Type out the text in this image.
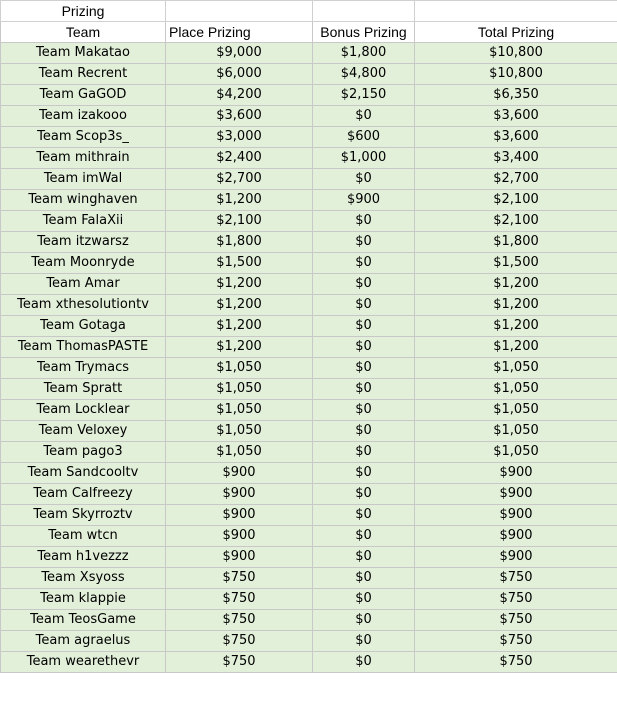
Prizing			
Team	Place Prizing	Bonus Prizing	Total Prizing
Team Makatao	$9,000	$1,800	$10,800
Team Recrent	$6,000	$4,800	$10,800
Team GaGOD	$4,200	$2,150	$6,350
Team izakooo	$3,600	$0	$3,600
Team Scop3s_	$3,000	$600	$3,600
Team mithrain	$2,400	$1,000	$3,400
Team imWal	$2,700	$0	$2,700
Team winghaven	$1,200	$900	$2,100
Team FalaXii	$2,100	$0	$2,100
Team itzwarsz	$1,800	$0	$1,800
Team Moonryde	$1,500	$0	$1,500
Team Amar	$1,200	$0	$1,200
Team xthesolutiontv	$1,200	$0	$1,200
Team Gotaga	$1,200	$0	$1,200
Team ThomasPASTE	$1,200	$0	$1,200
Team Trymacs	$1,050	$0	$1,050
Team Spratt	$1,050	$0	$1,050
Team Locklear	$1,050	$0	$1,050
Team Veloxey	$1,050	$0	$1,050
Team pago3	$1,050	$0	$1,050
Team Sandcooltv	$900	$0	$900
Team Calfreezy	$900	$0	$900
Team Skyrroztv	$900	$0	$900
Team wtcn	$900	$0	$900
Team h1vezzz	$900	$0	$900
Team Xsyoss	$750	$0	$750
Team klappie	$750	$0	$750
Team TeosGame	$750	$0	$750
Team agraelus	$750	$0	$750
Team wearethevr	$750	$0	$750
